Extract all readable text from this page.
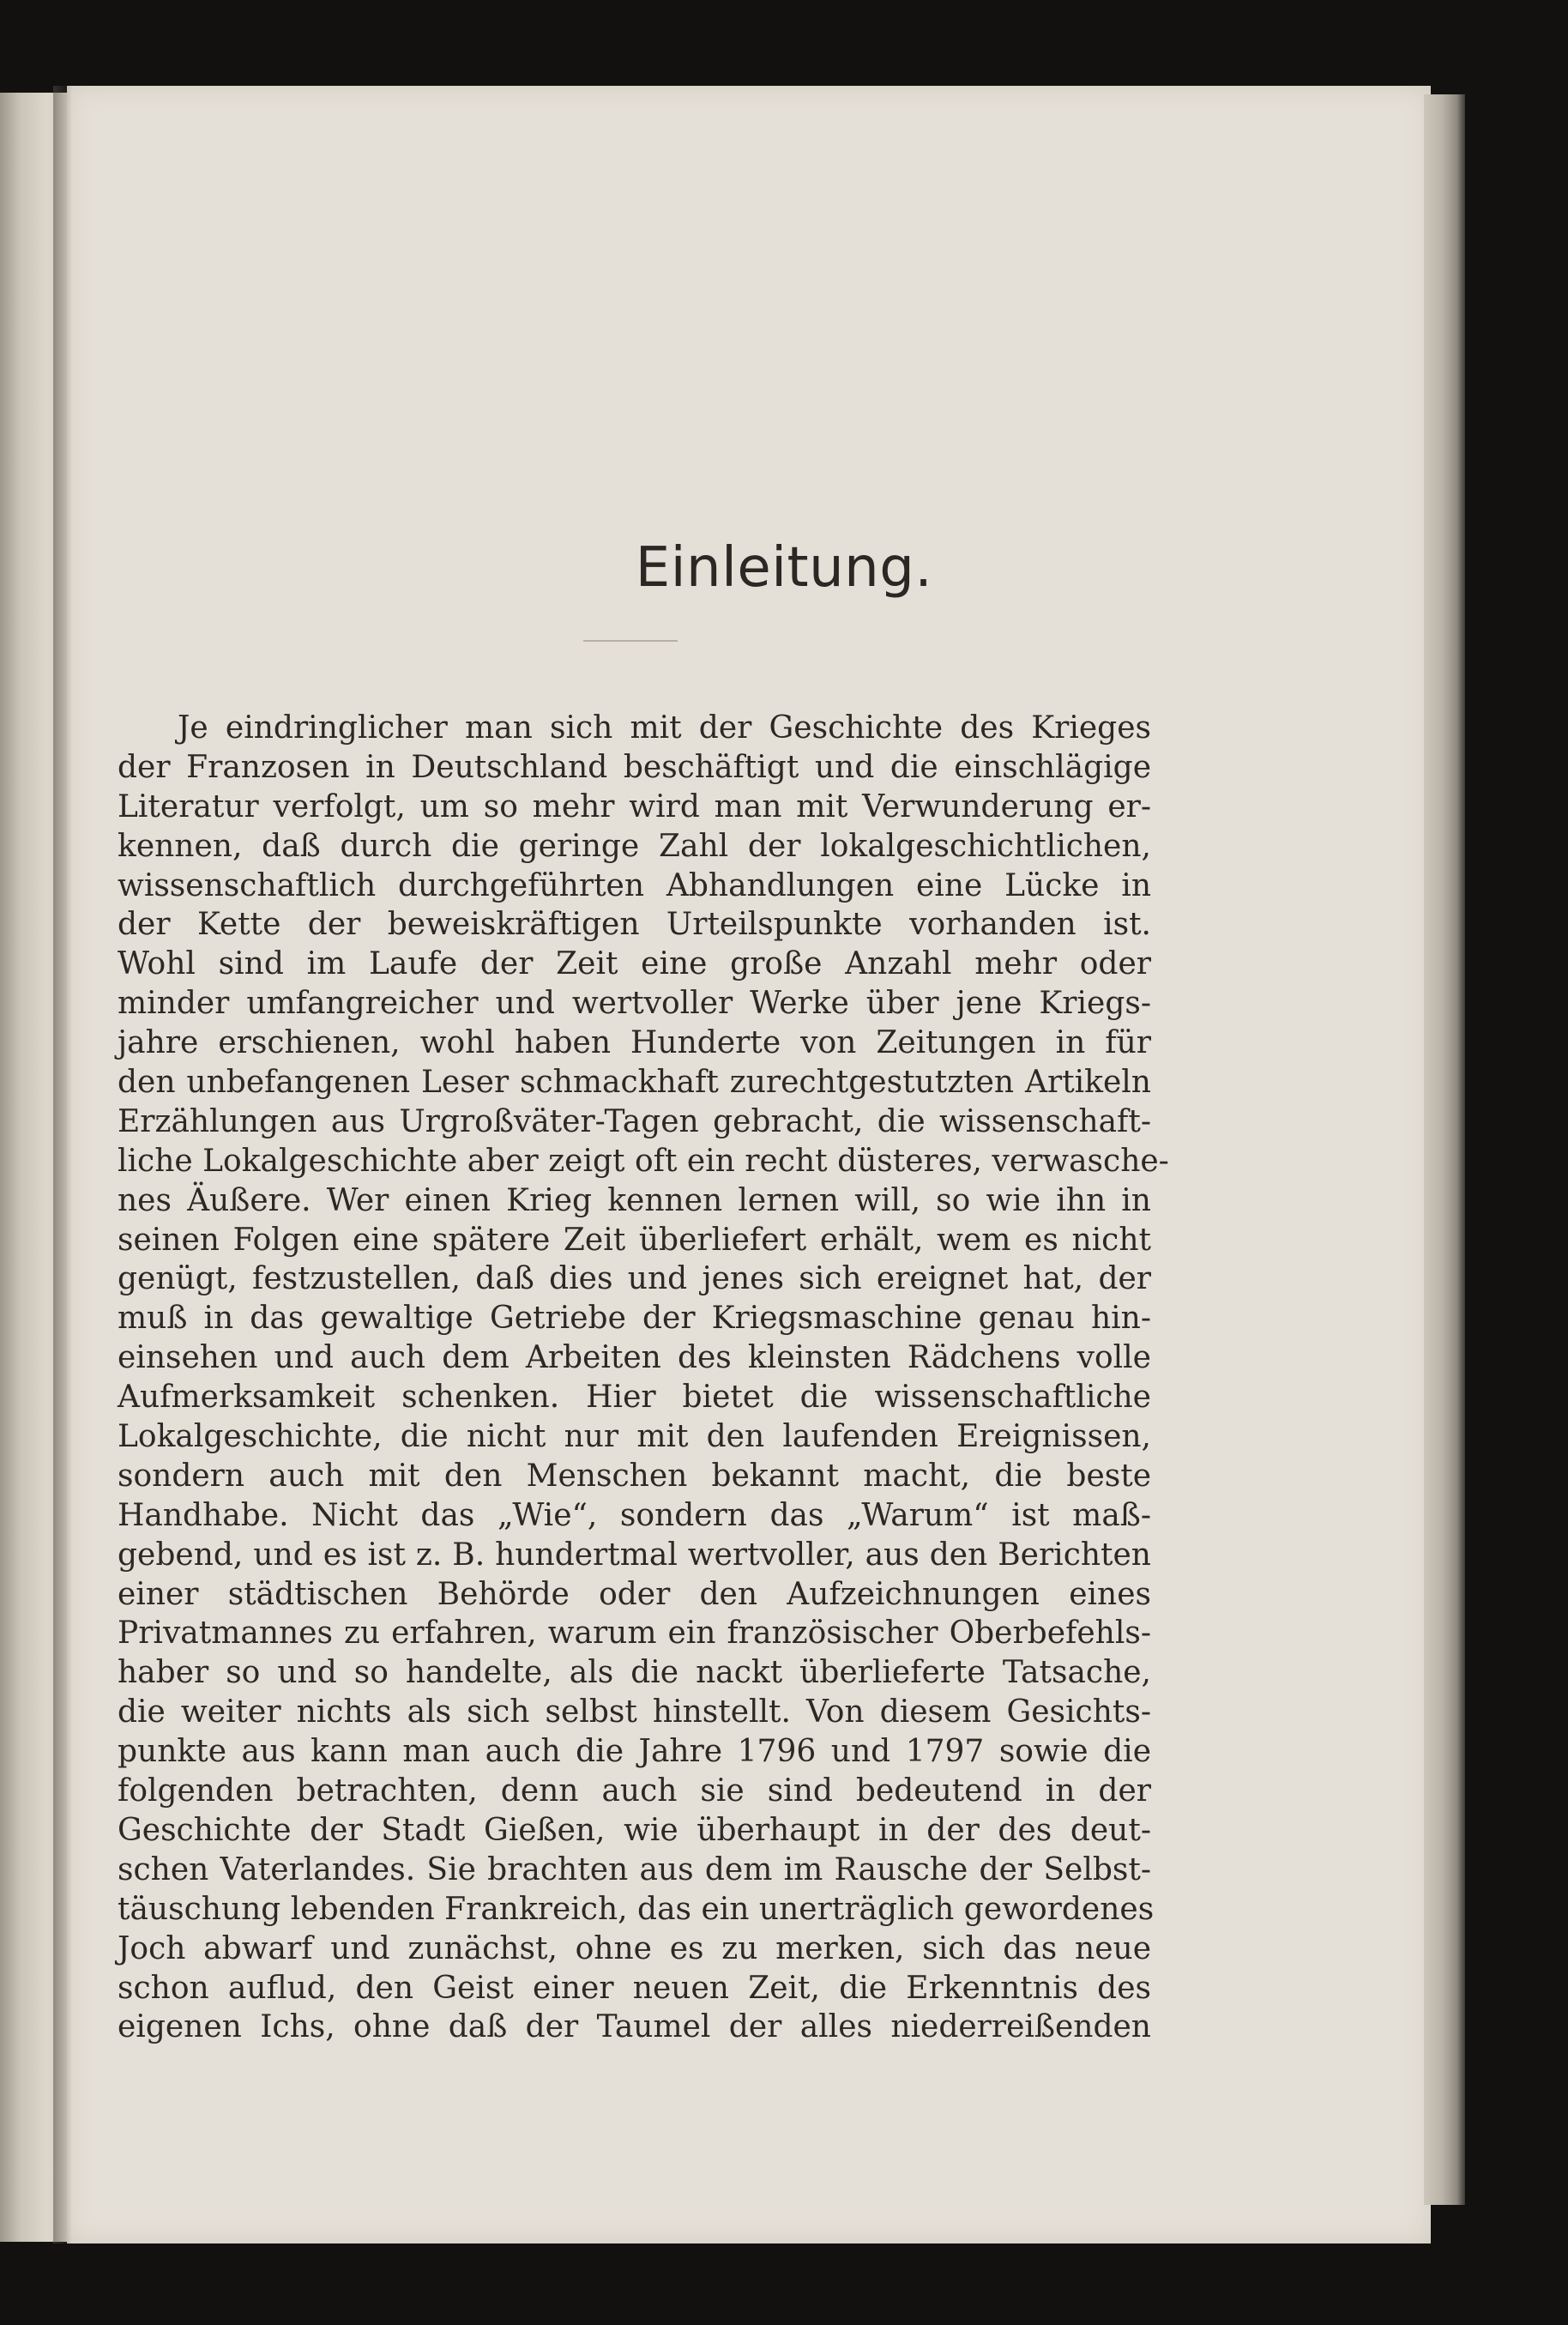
Einleitung.
Je eindringlicher man sich mit der Geschichte des Krieges
der Franzosen in Deutschland beschäftigt und die einschlägige
Literatur verfolgt, um so mehr wird man mit Verwunderung er-
kennen, daß durch die geringe Zahl der lokalgeschichtlichen,
wissenschaftlich durchgeführten Abhandlungen eine Lücke in
der Kette der beweiskräftigen Urteilspunkte vorhanden ist.
Wohl sind im Laufe der Zeit eine große Anzahl mehr oder
minder umfangreicher und wertvoller Werke über jene Kriegs-
jahre erschienen, wohl haben Hunderte von Zeitungen in für
den unbefangenen Leser schmackhaft zurechtgestutzten Artikeln
Erzählungen aus Urgroßväter-Tagen gebracht, die wissenschaft-
liche Lokalgeschichte aber zeigt oft ein recht düsteres, verwasche-
nes Äußere. Wer einen Krieg kennen lernen will, so wie ihn in
seinen Folgen eine spätere Zeit überliefert erhält, wem es nicht
genügt, festzustellen, daß dies und jenes sich ereignet hat, der
muß in das gewaltige Getriebe der Kriegsmaschine genau hin-
einsehen und auch dem Arbeiten des kleinsten Rädchens volle
Aufmerksamkeit schenken. Hier bietet die wissenschaftliche
Lokalgeschichte, die nicht nur mit den laufenden Ereignissen,
sondern auch mit den Menschen bekannt macht, die beste
Handhabe. Nicht das „Wie“, sondern das „Warum“ ist maß-
gebend, und es ist z. B. hundertmal wertvoller, aus den Berichten
einer städtischen Behörde oder den Aufzeichnungen eines
Privatmannes zu erfahren, warum ein französischer Oberbefehls-
haber so und so handelte, als die nackt überlieferte Tatsache,
die weiter nichts als sich selbst hinstellt. Von diesem Gesichts-
punkte aus kann man auch die Jahre 1796 und 1797 sowie die
folgenden betrachten, denn auch sie sind bedeutend in der
Geschichte der Stadt Gießen, wie überhaupt in der des deut-
schen Vaterlandes. Sie brachten aus dem im Rausche der Selbst-
täuschung lebenden Frankreich, das ein unerträglich gewordenes
Joch abwarf und zunächst, ohne es zu merken, sich das neue
schon auflud, den Geist einer neuen Zeit, die Erkenntnis des
eigenen Ichs, ohne daß der Taumel der alles niederreißenden
